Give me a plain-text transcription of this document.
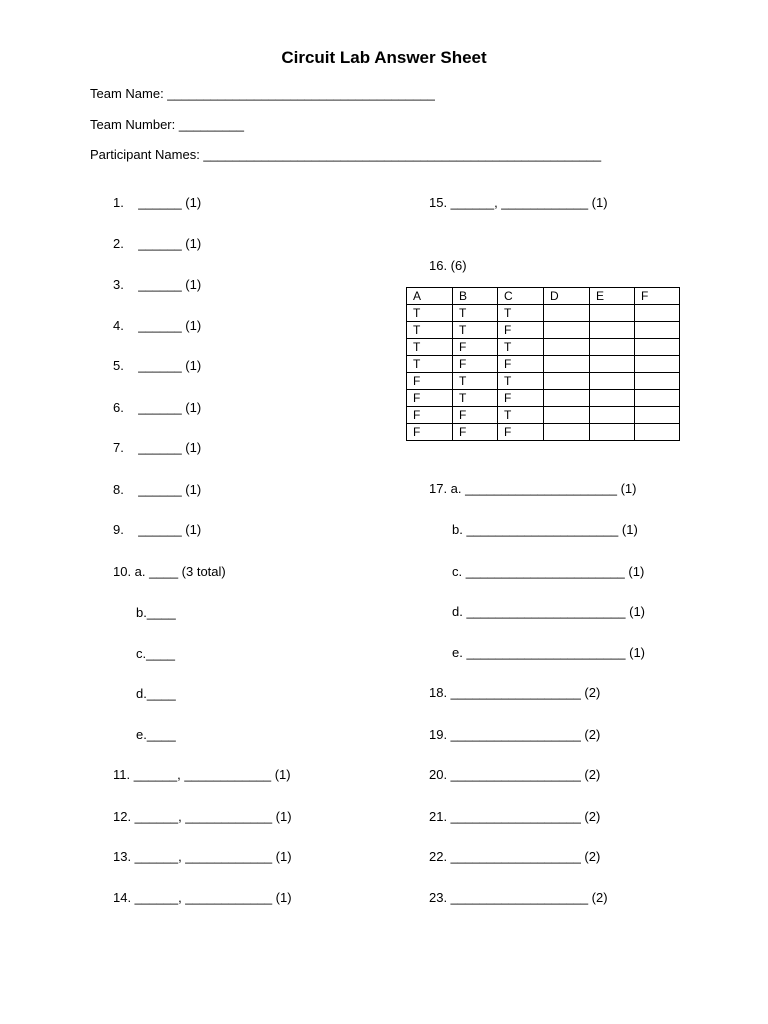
Circuit Lab Answer Sheet
Team Name: _____________________________________
Team Number: _________
Participant Names: _______________________________________________________
1.    ______ (1)
2.    ______ (1)
3.    ______ (1)
4.    ______ (1)
5.    ______ (1)
6.    ______ (1)
7.    ______ (1)
8.    ______ (1)
9.    ______ (1)
10. a. ____ (3 total)
b.____
c.____
d.____
e.____
11. ______, ____________ (1)
12. ______, ____________ (1)
13. ______, ____________ (1)
14. ______, ____________ (1)
15. ______, ____________ (1)
16. (6)
A	B	C	D	E	F
T	T	T			
T	T	F			
T	F	T			
T	F	F			
F	T	T			
F	T	F			
F	F	T			
F	F	F			
17. a. _____________________ (1)
b. _____________________ (1)
c. ______________________ (1)
d. ______________________ (1)
e. ______________________ (1)
18. __________________ (2)
19. __________________ (2)
20. __________________ (2)
21. __________________ (2)
22. __________________ (2)
23. ___________________ (2)
